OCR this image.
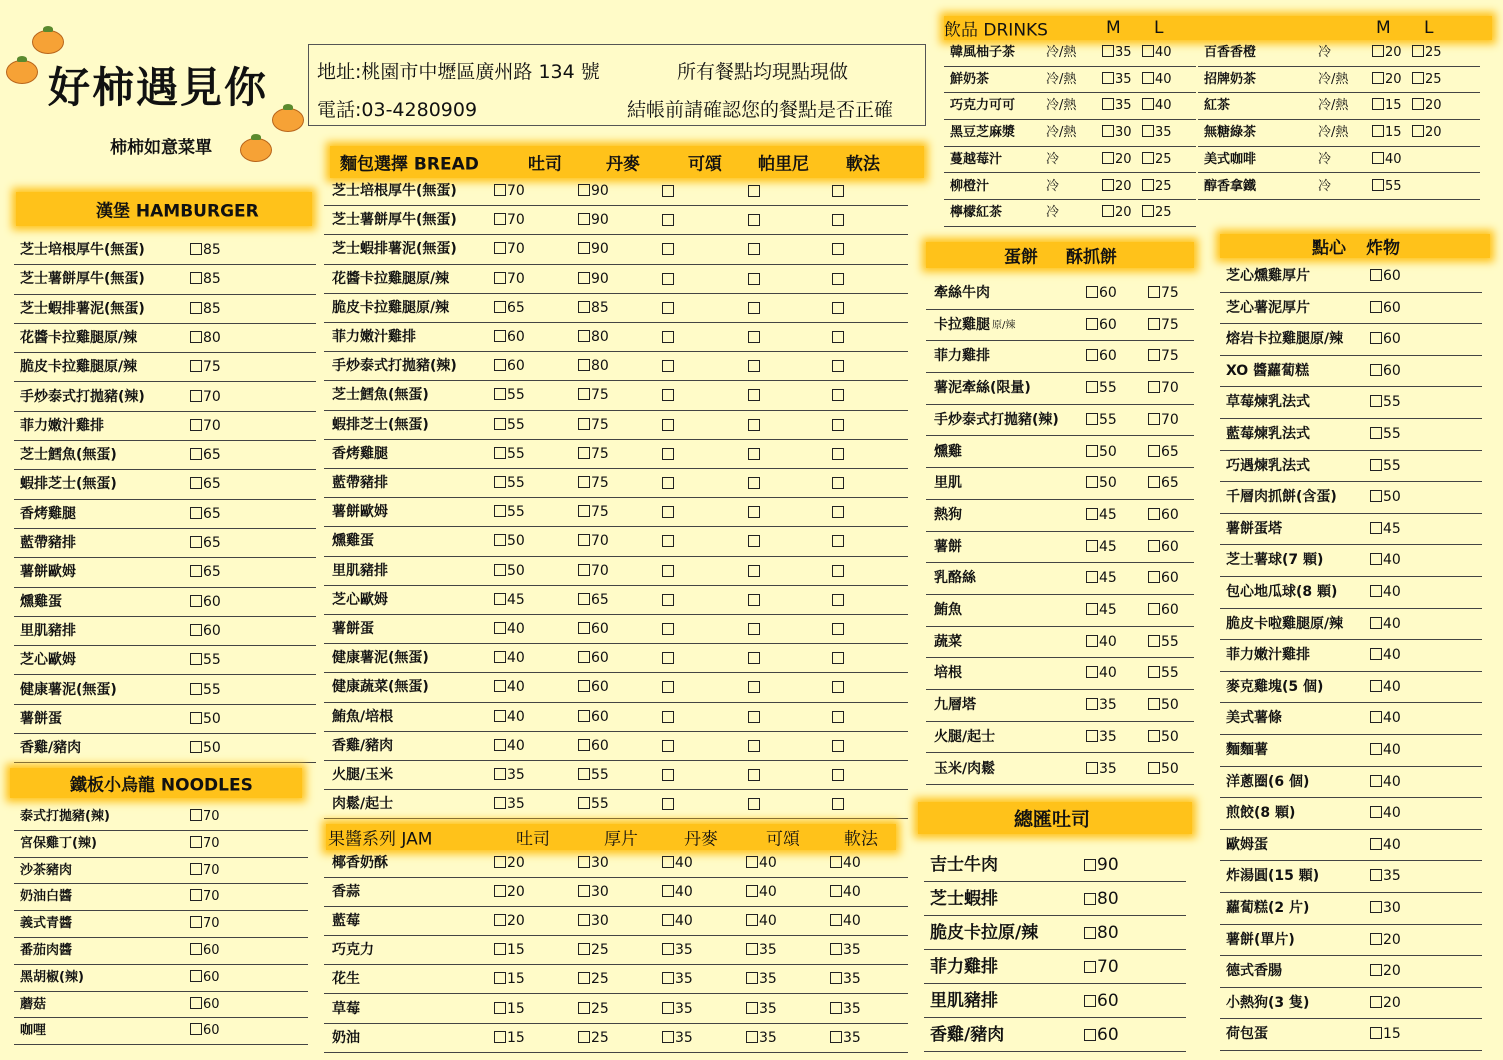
好柿遇見你
柿柿如意菜單
地址:桃園市中壢區廣州路 134 號
電話:03-4280909
所有餐點均現點現做
結帳前請確認您的餐點是否正確
漢堡 HAMBURGER
芝士培根厚牛(無蛋)	85
芝士薯餅厚牛(無蛋)	85
芝士蝦排薯泥(無蛋)	85
花醬卡拉雞腿原/辣	80
脆皮卡拉雞腿原/辣	75
手炒泰式打拋豬(辣)	70
菲力嫩汁雞排	70
芝士鱈魚(無蛋)	65
蝦排芝士(無蛋)	65
香烤雞腿	65
藍帶豬排	65
薯餅歐姆	65
燻雞蛋	60
里肌豬排	60
芝心歐姆	55
健康薯泥(無蛋)	55
薯餅蛋	50
香雞/豬肉	50
鐵板小烏龍 NOODLES
泰式打拋豬(辣)	70
宮保雞丁(辣)	70
沙茶豬肉	70
奶油白醬	70
義式青醬	70
番茄肉醬	60
黑胡椒(辣)	60
蘑菇	60
咖哩	60
麵包選擇 BREAD	吐司	丹麥	可頌 帕里尼 軟法
芝士培根厚牛(無蛋)	70	90
芝士薯餅厚牛(無蛋)	70	90
芝士蝦排薯泥(無蛋)	70	90
花醬卡拉雞腿原/辣	70	90
脆皮卡拉雞腿原/辣	65	85
菲力嫩汁雞排	60	80
手炒泰式打拋豬(辣)	60	80
芝士鱈魚(無蛋)	55	75
蝦排芝士(無蛋)	55	75
香烤雞腿	55	75
藍帶豬排	55	75
薯餅歐姆	55	75
燻雞蛋	50	70
里肌豬排	50	70
芝心歐姆	45	65
薯餅蛋	40	60
健康薯泥(無蛋)	40	60
健康蔬菜(無蛋)	40	60
鮪魚/培根	40	60
香雞/豬肉	40	60
火腿/玉米	35	55
肉鬆/起士	35	55
果醬系列 JAM	吐司	厚片	丹麥	可頌	軟法
椰香奶酥	20	30	40	40	40
香蒜	20	30	40	40	40
藍莓	20	30	40	40	40
巧克力	15	25	35	35	35
花生	15	25	35	35	35
草莓	15	25	35	35	35
奶油	15	25	35	35	35
飲品 DRINKS	M L	M L
韓風柚子茶 冷/熱	35	40
鮮奶茶	冷/熱	35	40
巧克力可可 冷/熱	35	40
黑豆芝麻漿 冷/熱	30	35
蔓越莓汁	冷	20	25
柳橙汁	冷	20	25
檸檬紅茶	冷	20	25
百香香橙	冷	20	25
招牌奶茶	冷/熱	20	25
紅茶	冷/熱	15	20
無糖綠茶	冷/熱	15	20
美式咖啡	冷	40
醇香拿鐵	冷	55
蛋餅 酥抓餅
牽絲牛肉	60	75
卡拉雞腿 原/辣	60	75
菲力雞排	60	75
薯泥牽絲(限量)	55	70
手炒泰式打拋豬(辣)	55	70
燻雞	50	65
里肌	50	65
熱狗	45	60
薯餅	45	60
乳酪絲	45	60
鮪魚	45	60
蔬菜	40	55
培根	40	55
九層塔	35	50
火腿/起士	35	50
玉米/肉鬆	35	50
總匯吐司
吉士牛肉	90
芝士蝦排	80
脆皮卡拉原/辣	80
菲力雞排	70
里肌豬排	60
香雞/豬肉	60
點心 炸物
芝心燻雞厚片	60
芝心薯泥厚片	60
熔岩卡拉雞腿原/辣	60
XO 醬蘿蔔糕	60
草莓煉乳法式	55
藍莓煉乳法式	55
巧遇煉乳法式	55
千層肉抓餅(含蛋)	50
薯餅蛋塔	45
芝士薯球(7 顆)	40
包心地瓜球(8 顆)	40
脆皮卡啦雞腿原/辣	40
菲力嫩汁雞排	40
麥克雞塊(5 個)	40
美式薯條	40
麵麵薯	40
洋蔥圈(6 個)	40
煎餃(8 顆)	40
歐姆蛋	40
炸湯圓(15 顆)	35
蘿蔔糕(2 片)	30
薯餅(單片)	20
德式香腸	20
小熱狗(3 隻)	20
荷包蛋	15
